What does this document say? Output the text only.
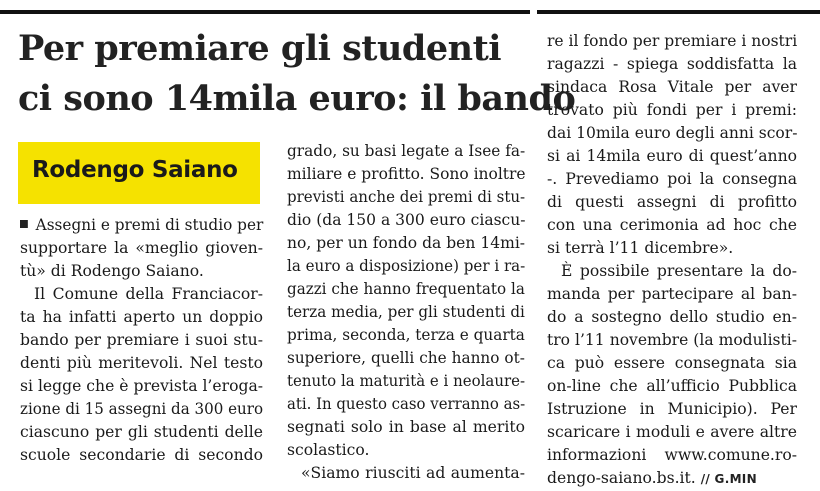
Per premiare gli studenti
ci sono 14mila euro: il bando
Rodengo Saiano
Assegni e premi di studio per
supportare la «meglio gioven-
tù» di Rodengo Saiano.
Il Comune della Franciacor-
ta ha infatti aperto un doppio
bando per premiare i suoi stu-
denti più meritevoli. Nel testo
si legge che è prevista l’eroga-
zione di 15 assegni da 300 euro
ciascuno per gli studenti delle
scuole secondarie di secondo
grado, su basi legate a Isee fa-
miliare e profitto. Sono inoltre
previsti anche dei premi di stu-
dio (da 150 a 300 euro ciascu-
no, per un fondo da ben 14mi-
la euro a disposizione) per i ra-
gazzi che hanno frequentato la
terza media, per gli studenti di
prima, seconda, terza e quarta
superiore, quelli che hanno ot-
tenuto la maturità e i neolaure-
ati. In questo caso verranno as-
segnati solo in base al merito
scolastico.
«Siamo riusciti ad aumenta-
re il fondo per premiare i nostri
ragazzi - spiega soddisfatta la
sindaca Rosa Vitale per aver
trovato più fondi per i premi:
dai 10mila euro degli anni scor-
si ai 14mila euro di quest’anno
-. Prevediamo poi la consegna
di questi assegni di profitto
con una cerimonia ad hoc che
si terrà l’11 dicembre».
È possibile presentare la do-
manda per partecipare al ban-
do a sostegno dello studio en-
tro l’11 novembre (la modulisti-
ca può essere consegnata sia
on-line che all’ufficio Pubblica
Istruzione in Municipio). Per
scaricare i moduli e avere altre
informazioni www.comune.ro-
dengo-saiano.bs.it. // G.MIN
